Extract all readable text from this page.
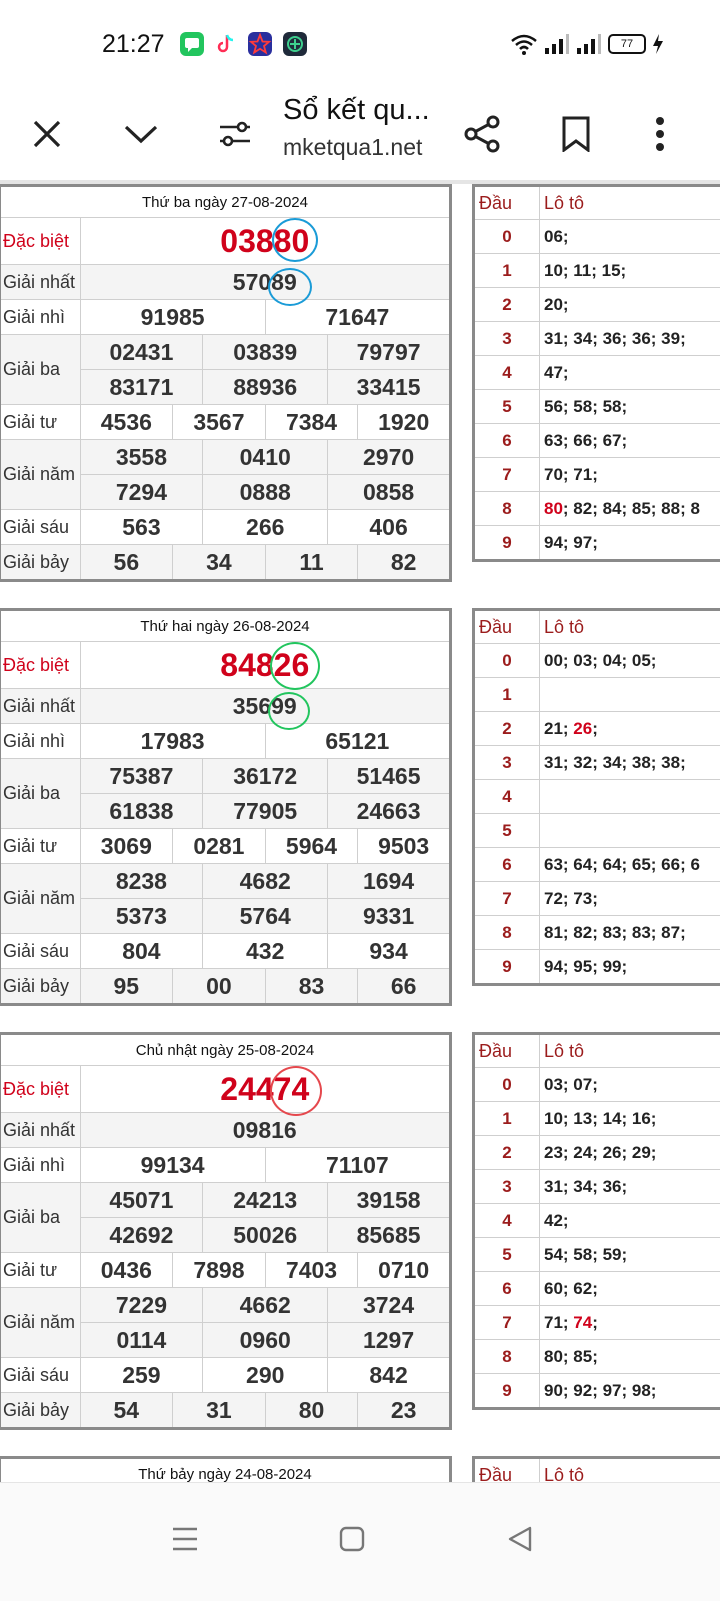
21:27	77
Sổ kết qu...
mketqua1.net
Thứ ba ngày 27-08-2024						
Đặc biệt	03880					
Giải nhất	57089					
Giải nhì	91985			71647		
Giải ba	02431		03839		79797	
	83171		88936		33415	
Giải tư	4536	3567		7384		1920
Giải năm	3558		0410		2970	
	7294		0888		0858	
Giải sáu	563		266		406	
Giải bảy	56	34		11		82
Đầu	Lô tô
0	06;
1	10; 11; 15;
2	20;
3	31; 34; 36; 36; 39;
4	47;
5	56; 58; 58;
6	63; 66; 67;
7	70; 71;
8	80; 82; 84; 85; 88; 8
9	94; 97;
Thứ hai ngày 26-08-2024						
Đặc biệt	84826					
Giải nhất	35699					
Giải nhì	17983			65121		
Giải ba	75387		36172		51465	
	61838		77905		24663	
Giải tư	3069	0281		5964		9503
Giải năm	8238		4682		1694	
	5373		5764		9331	
Giải sáu	804		432		934	
Giải bảy	95	00		83		66
Đầu	Lô tô
0	00; 03; 04; 05;
1	
2	21; 26;
3	31; 32; 34; 38; 38;
4	
5	
6	63; 64; 64; 65; 66; 6
7	72; 73;
8	81; 82; 83; 83; 87;
9	94; 95; 99;
Chủ nhật ngày 25-08-2024						
Đặc biệt	24474					
Giải nhất	09816					
Giải nhì	99134			71107		
Giải ba	45071		24213		39158	
	42692		50026		85685	
Giải tư	0436	7898		7403		0710
Giải năm	7229		4662		3724	
	0114		0960		1297	
Giải sáu	259		290		842	
Giải bảy	54	31		80		23
Đầu	Lô tô
0	03; 07;
1	10; 13; 14; 16;
2	23; 24; 26; 29;
3	31; 34; 36;
4	42;
5	54; 58; 59;
6	60; 62;
7	71; 74;
8	80; 85;
9	90; 92; 97; 98;
Thứ bảy ngày 24-08-2024	Đầu	Lô tô
